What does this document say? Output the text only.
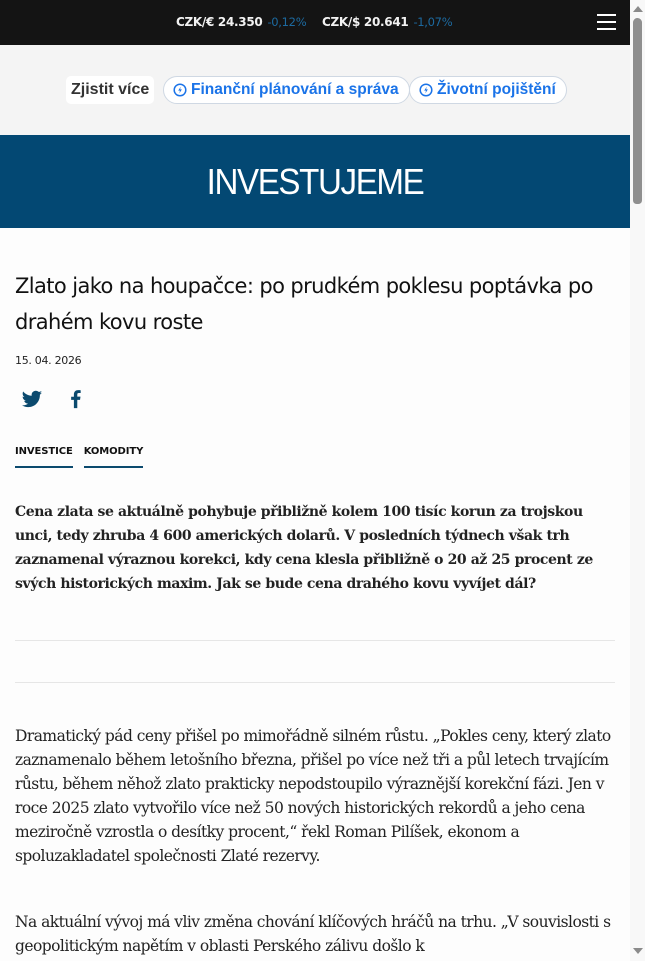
CZK/€ 24.350 -0,12% CZK/$ 20.641 -1,07%
Zjistit více	Finanční plánování a správa Životní pojištění
INVESTUJEME
Zlato jako na houpačce: po prudkém poklesu poptávka po drahém kovu roste
15. 04. 2026
INVESTICE KOMODITY

Cena zlata se aktuálně pohybuje přibližně kolem 100 tisíc korun za trojskou unci, tedy zhruba 4 600 amerických dolarů. V posledních týdnech však trh zaznamenal výraznou korekci, kdy cena klesla přibližně o 20 až 25 procent ze svých historických maxim. Jak se bude cena drahého kovu vyvíjet dál?

Dramatický pád ceny přišel po mimořádně silném růstu. „Pokles ceny, který zlato zaznamenalo během letošního března, přišel po více než tři a půl letech trvajícím růstu, během něhož zlato prakticky nepodstoupilo výraznější korekční fázi. Jen v roce 2025 zlato vytvořilo více než 50 nových historických rekordů a jeho cena meziročně vzrostla o desítky procent,“ řekl Roman Pilíšek, ekonom a spoluzakladatel společnosti Zlaté rezervy.

Na aktuální vývoj má vliv změna chování klíčových hráčů na trhu. „V souvislosti s geopolitickým napětím v oblasti Perského zálivu došlo k
